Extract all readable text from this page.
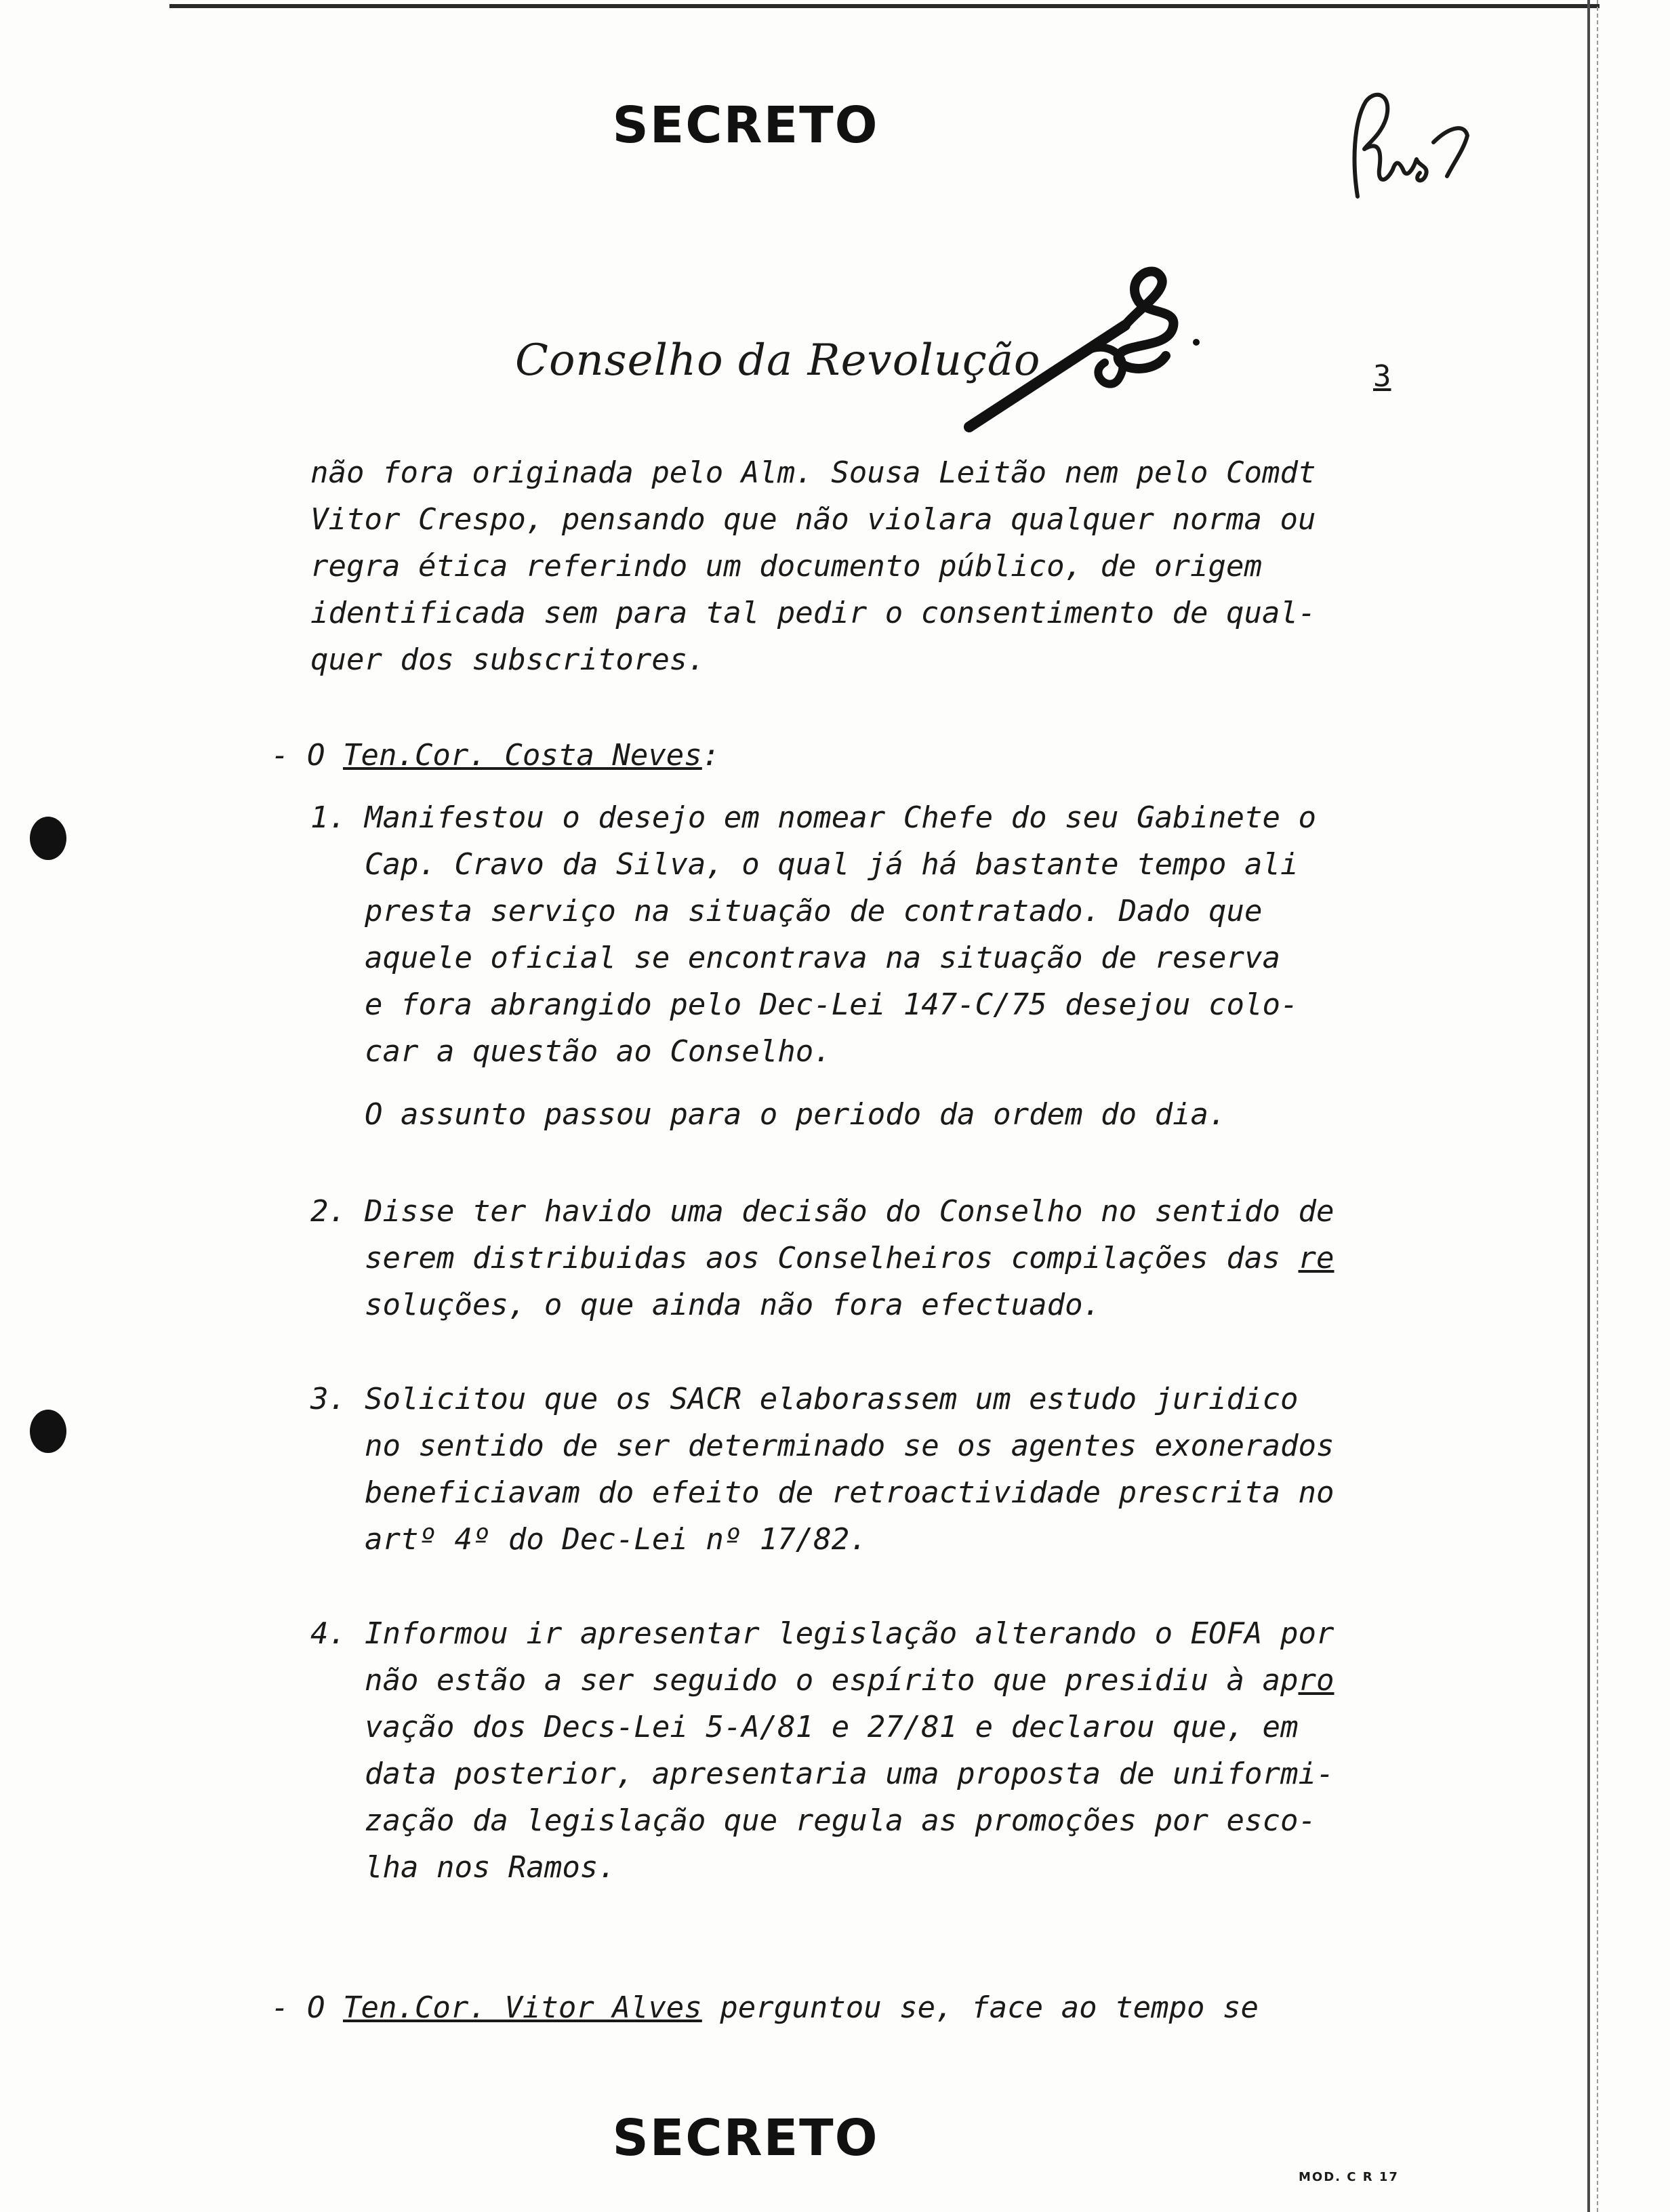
SECRETO
Conselho da Revolução	3
não fora originada pelo Alm. Sousa Leitão nem pelo Comdt
Vitor Crespo, pensando que não violara qualquer norma ou
regra ética referindo um documento público, de origem
identificada sem para tal pedir o consentimento de qual-
quer dos subscritores.
- O Ten.Cor. Costa Neves:
1. Manifestou o desejo em nomear Chefe do seu Gabinete o
Cap. Cravo da Silva, o qual já há bastante tempo ali
presta serviço na situação de contratado. Dado que
aquele oficial se encontrava na situação de reserva
e fora abrangido pelo Dec-Lei 147-C/75 desejou colo-
car a questão ao Conselho.
O assunto passou para o periodo da ordem do dia.
2. Disse ter havido uma decisão do Conselho no sentido de
serem distribuidas aos Conselheiros compilações das re
soluções, o que ainda não fora efectuado.
3. Solicitou que os SACR elaborassem um estudo juridico
no sentido de ser determinado se os agentes exonerados
beneficiavam do efeito de retroactividade prescrita no
artº 4º do Dec-Lei nº 17/82.
4. Informou ir apresentar legislação alterando o EOFA por
não estão a ser seguido o espírito que presidiu à apro
vação dos Decs-Lei 5-A/81 e 27/81 e declarou que, em
data posterior, apresentaria uma proposta de uniformi-
zação da legislação que regula as promoções por esco-
lha nos Ramos.
- O Ten.Cor. Vitor Alves perguntou se, face ao tempo se
SECRETO
MOD. C R 17
